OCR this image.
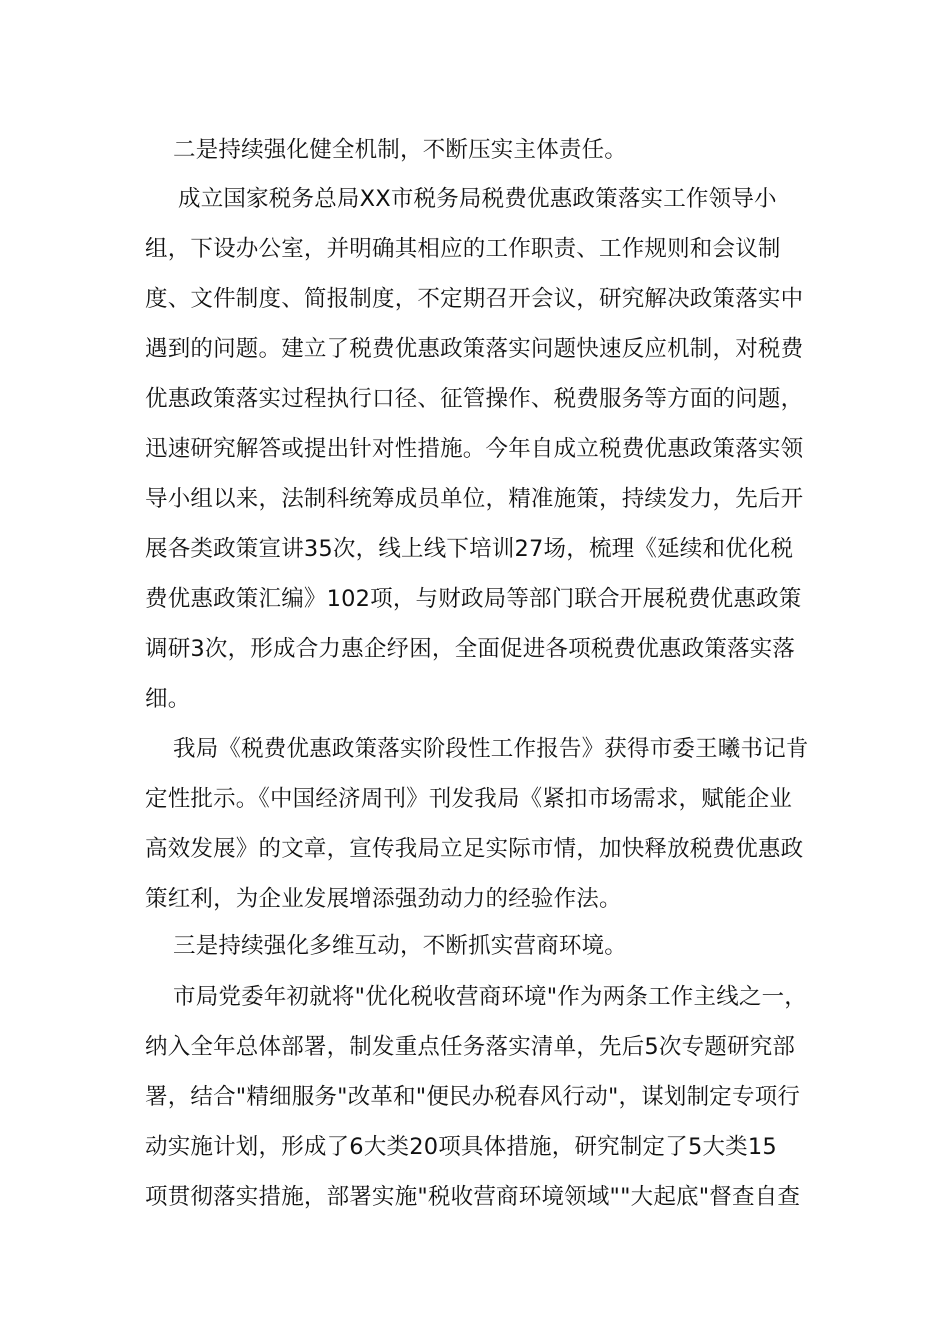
二是持续强化健全机制，不断压实主体责任。
成立国家税务总局XX市税务局税费优惠政策落实工作领导小
组，下设办公室，并明确其相应的工作职责、工作规则和会议制
度、文件制度、简报制度，不定期召开会议，研究解决政策落实中
遇到的问题。建立了税费优惠政策落实问题快速反应机制，对税费
优惠政策落实过程执行口径、征管操作、税费服务等方面的问题，
迅速研究解答或提出针对性措施。今年自成立税费优惠政策落实领
导小组以来，法制科统筹成员单位，精准施策，持续发力，先后开
展各类政策宣讲35次，线上线下培训27场，梳理《延续和优化税
费优惠政策汇编》102项，与财政局等部门联合开展税费优惠政策
调研3次，形成合力惠企纾困，全面促进各项税费优惠政策落实落
细。
我局《税费优惠政策落实阶段性工作报告》获得市委王曦书记肯
定性批示。《中国经济周刊》刊发我局《紧扣市场需求，赋能企业
高效发展》的文章，宣传我局立足实际市情，加快释放税费优惠政
策红利，为企业发展增添强劲动力的经验作法。
三是持续强化多维互动，不断抓实营商环境。
市局党委年初就将"优化税收营商环境"作为两条工作主线之一，
纳入全年总体部署，制发重点任务落实清单，先后5次专题研究部
署，结合"精细服务"改革和"便民办税春风行动"，谋划制定专项行
动实施计划，形成了6大类20项具体措施，研究制定了5大类15
项贯彻落实措施，部署实施"税收营商环境领域""大起底"督查自查
